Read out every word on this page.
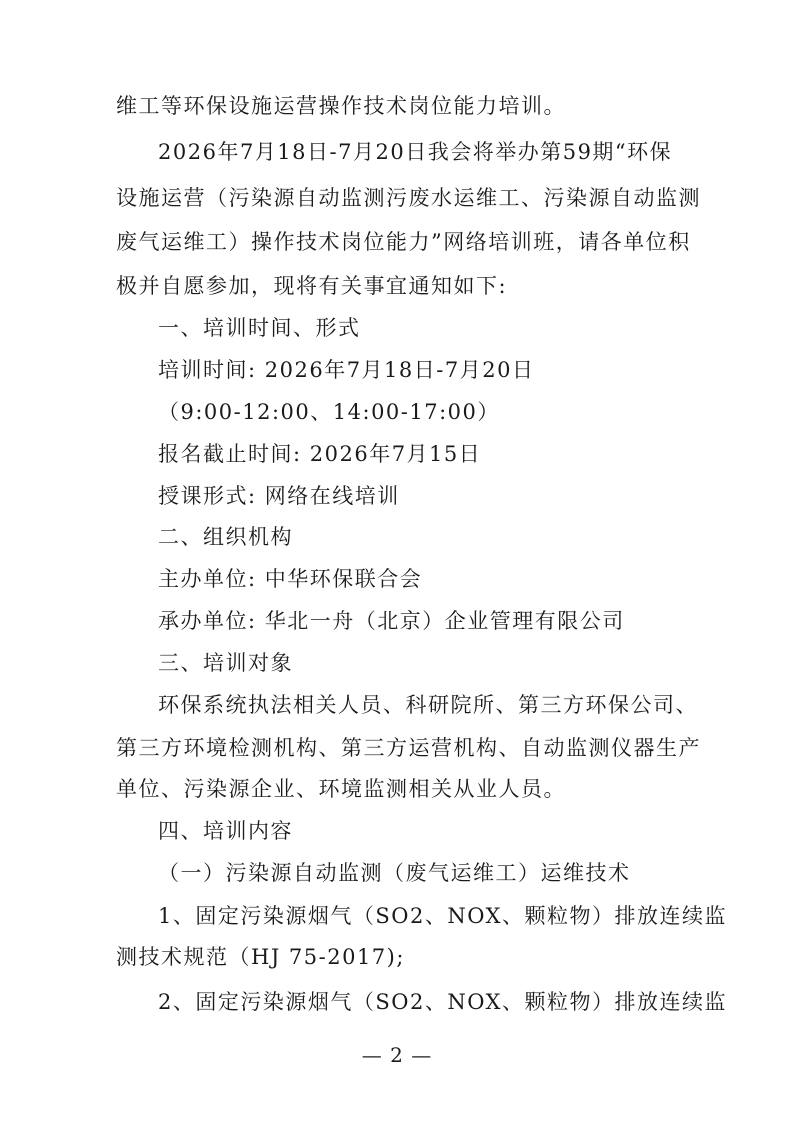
维工等环保设施运营操作技术岗位能力培训。
2026年7月18日-7月20日我会将举办第59期“环保
设施运营（污染源自动监测污废水运维工、污染源自动监测
废气运维工）操作技术岗位能力”网络培训班，请各单位积
极并自愿参加，现将有关事宜通知如下:
一、培训时间、形式
培训时间: 2026年7月18日-7月20日
（9:00-12:00、14:00-17:00）
报名截止时间: 2026年7月15日
授课形式: 网络在线培训
二、组织机构
主办单位: 中华环保联合会
承办单位: 华北一舟（北京）企业管理有限公司
三、培训对象
环保系统执法相关人员、科研院所、第三方环保公司、
第三方环境检测机构、第三方运营机构、自动监测仪器生产
单位、污染源企业、环境监测相关从业人员。
四、培训内容
（一）污染源自动监测（废气运维工）运维技术
1、固定污染源烟气（SO2、NOX、颗粒物）排放连续监
测技术规范（HJ 75-2017);
2、固定污染源烟气（SO2、NOX、颗粒物）排放连续监
— 2 —
